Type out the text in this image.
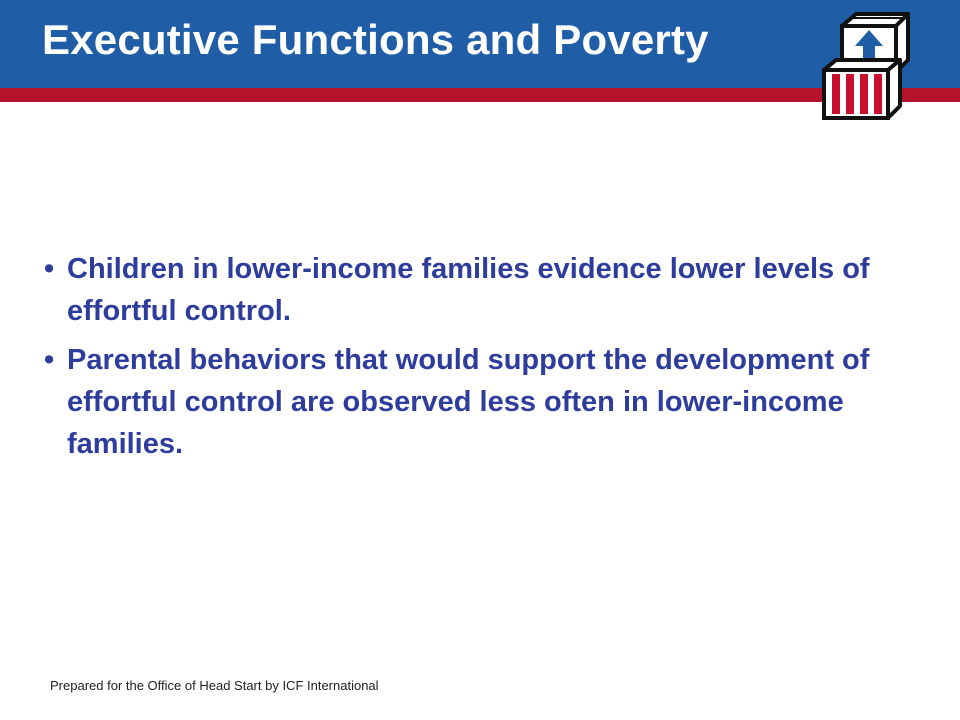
Executive Functions and Poverty
• Children in lower-income families evidence lower levels of effortful control.
• Parental behaviors that would support the development of effortful control are observed less often in lower-income families.
Prepared for the Office of Head Start by ICF International
